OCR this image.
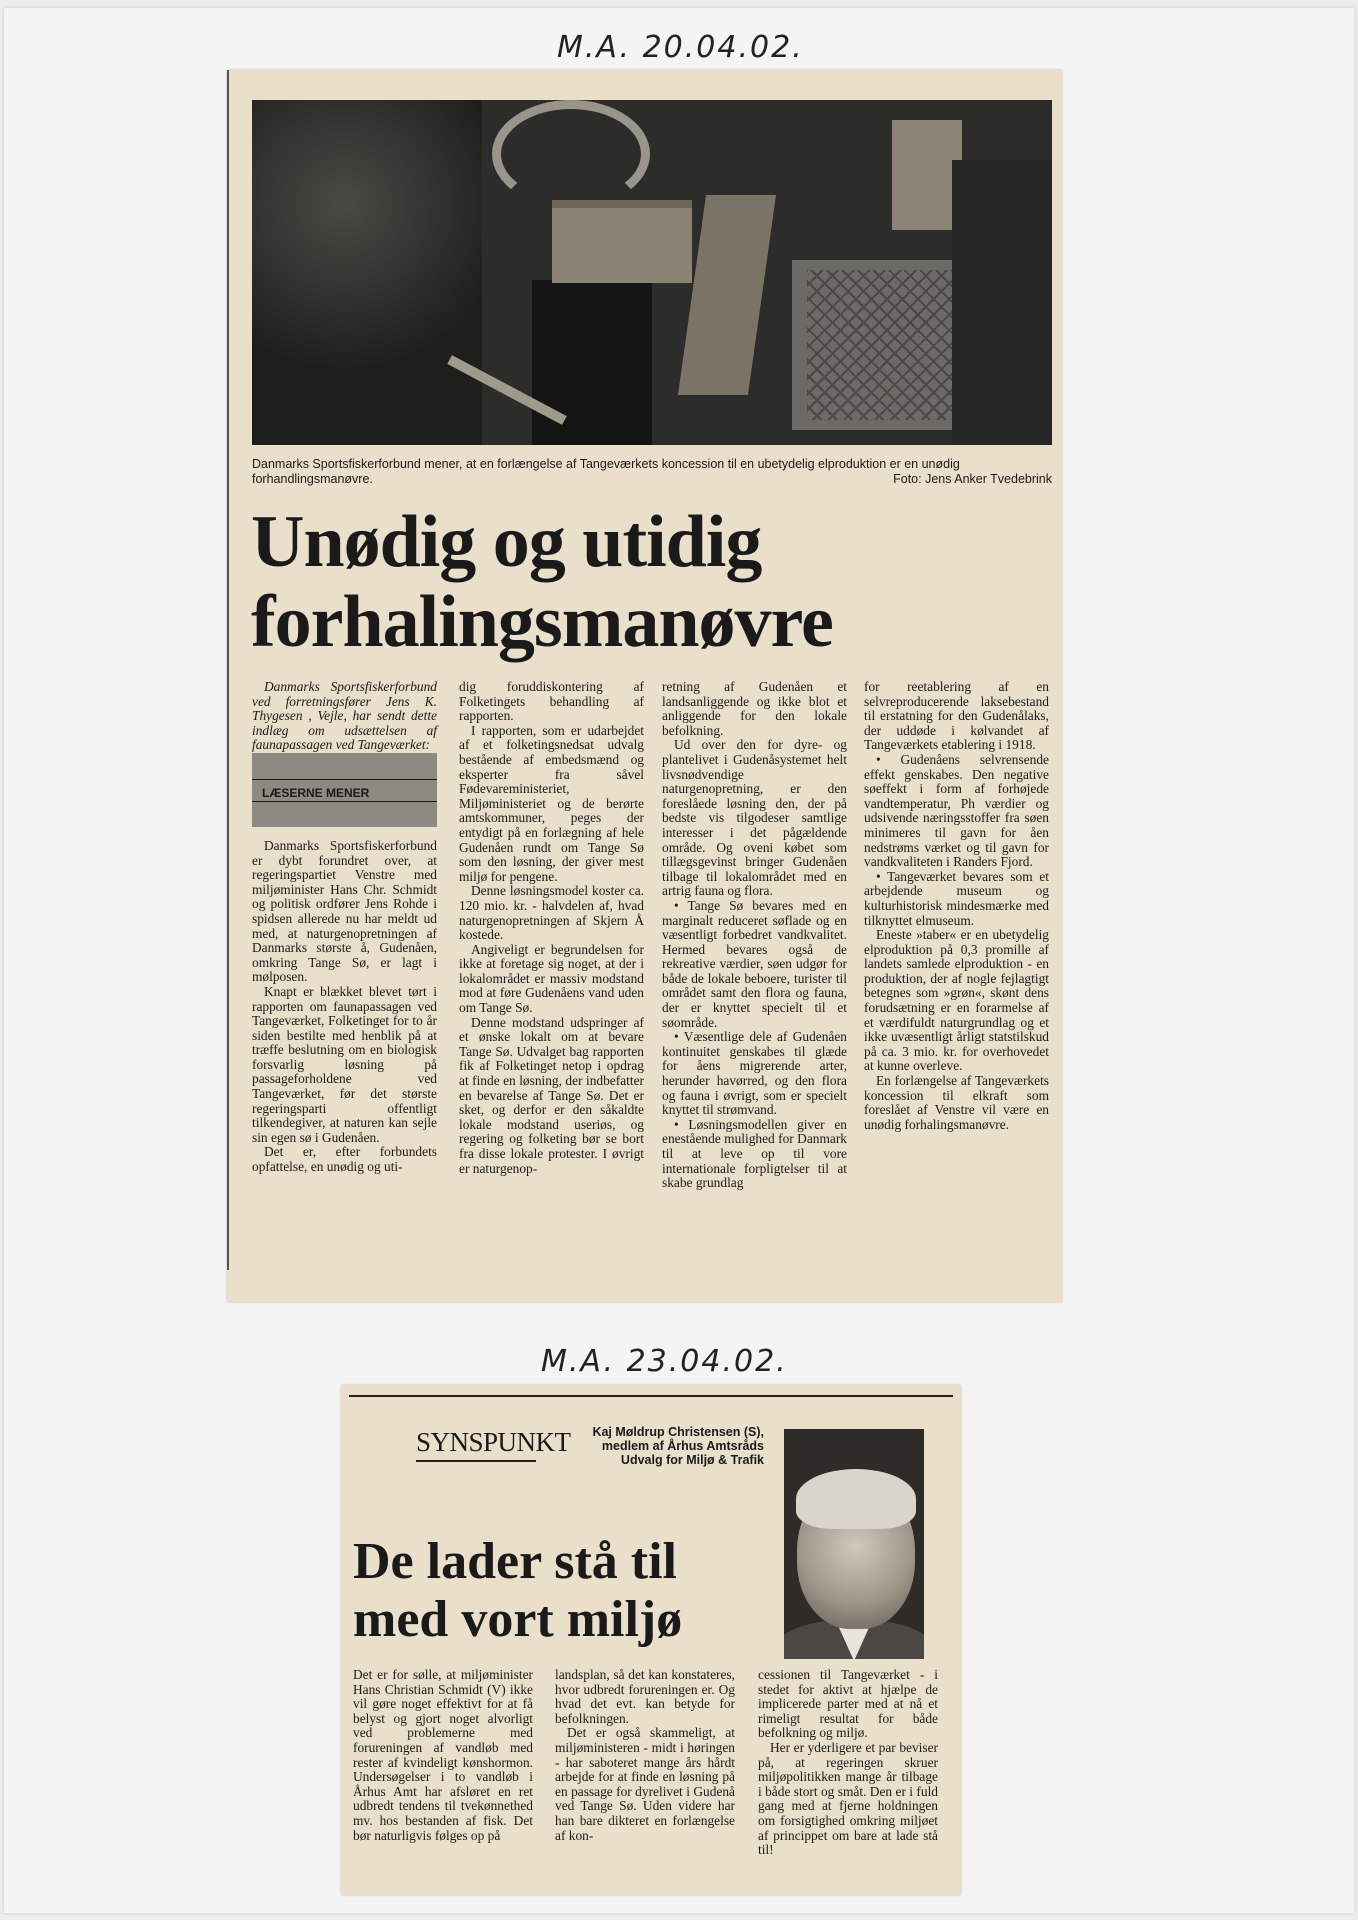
M.A. 20.04.02.
Danmarks Sportsfiskerforbund mener, at en forlængelse af Tangeværkets koncession til en ubetydelig elproduktion er en unødig forhandlingsmanøvre.	Foto: Jens Anker Tvedebrink
Unødig og utidig
forhalingsmanøvre

Danmarks Sportsfiskerforbund ved forretningsfører Jens K. Thygesen , Vejle, har sendt dette indlæg om udsættelsen af faunapassagen ved Tangeværket:

LÆSERNE MENER

Danmarks Sportsfiskerforbund er dybt forundret over, at regeringspartiet Venstre med miljøminister Hans Chr. Schmidt og politisk ordfører Jens Rohde i spidsen allerede nu har meldt ud med, at naturgenopretningen af Danmarks største å, Gudenåen, omkring Tange Sø, er lagt i mølposen.

Knapt er blækket blevet tørt i rapporten om faunapassagen ved Tangeværket, Folketinget for to år siden bestilte med henblik på at træffe beslutning om en biologisk forsvarlig løsning på passageforholdene ved Tangeværket, før det største regeringsparti offentligt tilkendegiver, at naturen kan sejle sin egen sø i Gudenåen.

Det er, efter forbundets opfattelse, en unødig og uti-

dig foruddiskontering af Folketingets behandling af rapporten.

I rapporten, som er udarbejdet af et folketingsnedsat udvalg bestående af embedsmænd og eksperter fra såvel Fødevareministeriet, Miljøministeriet og de berørte amtskommuner, peges der entydigt på en forlægning af hele Gudenåen rundt om Tange Sø som den løsning, der giver mest miljø for pengene.

Denne løsningsmodel koster ca. 120 mio. kr. - halvdelen af, hvad naturgenopretningen af Skjern Å kostede.

Angiveligt er begrundelsen for ikke at foretage sig noget, at der i lokalområdet er massiv modstand mod at føre Gudenåens vand uden om Tange Sø.

Denne modstand udspringer af et ønske lokalt om at bevare Tange Sø. Udvalget bag rapporten fik af Folketinget netop i opdrag at finde en løsning, der indbefatter en bevarelse af Tange Sø. Det er sket, og derfor er den såkaldte lokale modstand useriøs, og regering og folketing bør se bort fra disse lokale protester. I øvrigt er naturgenop-

retning af Gudenåen et landsanliggende og ikke blot et anliggende for den lokale befolkning.

Ud over den for dyre- og plantelivet i Gudenåsystemet helt livsnødvendige naturgenopretning, er den foreslåede løsning den, der på bedste vis tilgodeser samtlige interesser i det pågældende område. Og oveni købet som tillægsgevinst bringer Gudenåen tilbage til lokalområdet med en artrig fauna og flora.

• Tange Sø bevares med en marginalt reduceret søflade og en væsentligt forbedret vandkvalitet. Hermed bevares også de rekreative værdier, søen udgør for både de lokale beboere, turister til området samt den flora og fauna, der er knyttet specielt til et søområde.

• Væsentlige dele af Gudenåen kontinuitet genskabes til glæde for åens migrerende arter, herunder havørred, og den flora og fauna i øvrigt, som er specielt knyttet til strømvand.

• Løsningsmodellen giver en enestående mulighed for Danmark til at leve op til vore internationale forpligtelser til at skabe grundlag

for reetablering af en selvreproducerende laksebestand til erstatning for den Gudenålaks, der uddøde i kølvandet af Tangeværkets etablering i 1918.

• Gudenåens selvrensende effekt genskabes. Den negative søeffekt i form af forhøjede vandtemperatur, Ph værdier og udsivende næringsstoffer fra søen minimeres til gavn for åen nedstrøms værket og til gavn for vandkvaliteten i Randers Fjord.

• Tangeværket bevares som et arbejdende museum og kulturhistorisk mindesmærke med tilknyttet elmuseum.

Eneste »taber« er en ubetydelig elproduktion på 0,3 promille af landets samlede elproduktion - en produktion, der af nogle fejlagtigt betegnes som »grøn«, skønt dens forudsætning er en forarmelse af et værdifuldt naturgrundlag og et ikke uvæsentligt årligt statstilskud på ca. 3 mio. kr. for overhovedet at kunne overleve.

En forlængelse af Tangeværkets koncession til elkraft som foreslået af Venstre vil være en unødig forhalingsmanøvre.

M.A. 23.04.02.
SYNSPUNKT	Kaj Møldrup Christensen (S),
medlem af Århus Amtsråds
Udvalg for Miljø & Trafik
De lader stå til
med vort miljø

Det er for sølle, at miljøminister Hans Christian Schmidt (V) ikke vil gøre noget effektivt for at få belyst og gjort noget alvorligt ved problemerne med forureningen af vandløb med rester af kvindeligt kønshormon. Undersøgelser i to vandløb i Århus Amt har afsløret en ret udbredt tendens til tvekønnethed mv. hos bestanden af fisk. Det bør naturligvis følges op på

landsplan, så det kan konstateres, hvor udbredt forureningen er. Og hvad det evt. kan betyde for befolkningen.

Det er også skammeligt, at miljøministeren - midt i høringen - har saboteret mange års hårdt arbejde for at finde en løsning på en passage for dyrelivet i Gudenå ved Tange Sø. Uden videre har han bare dikteret en forlængelse af kon-

cessionen til Tangeværket - i stedet for aktivt at hjælpe de implicerede parter med at nå et rimeligt resultat for både befolkning og miljø.

Her er yderligere et par beviser på, at regeringen skruer miljøpolitikken mange år tilbage i både stort og småt. Den er i fuld gang med at fjerne holdningen om forsigtighed omkring miljøet af princippet om bare at lade stå til!
